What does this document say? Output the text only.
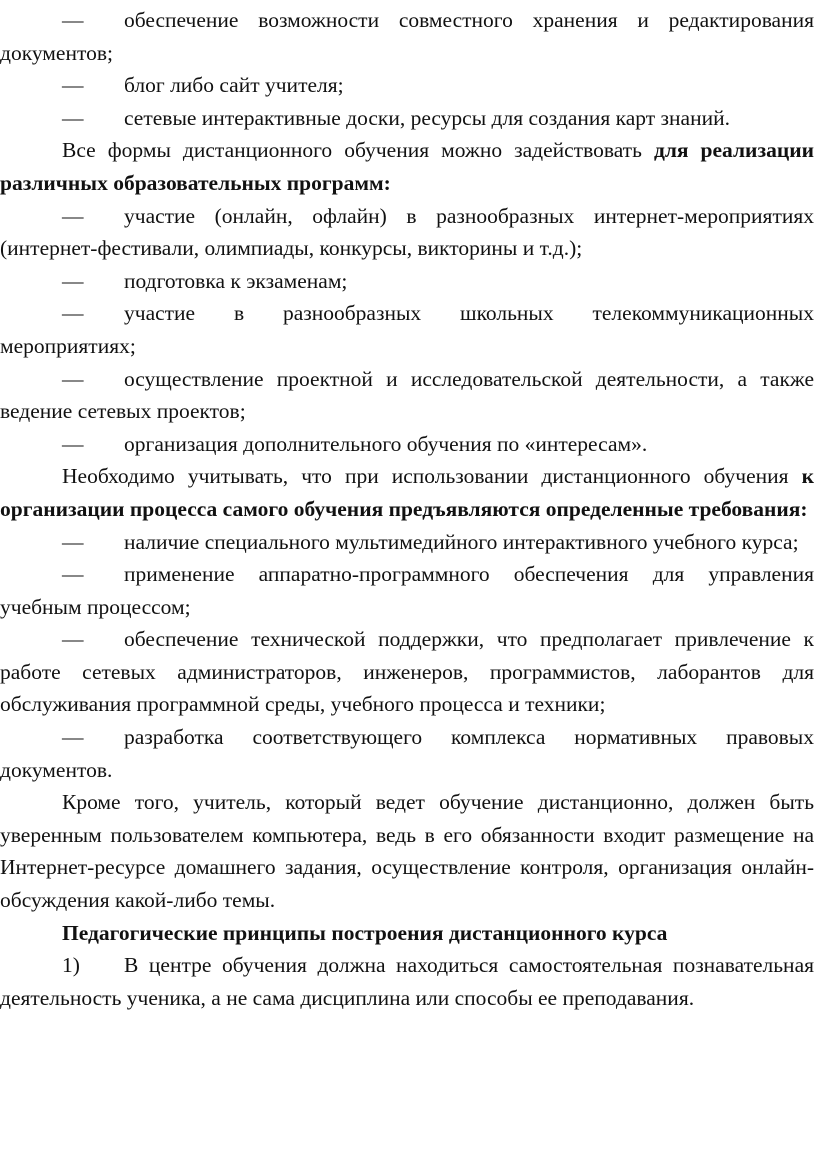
— обеспечение возможности совместного хранения и редактирования документов;

— блог либо сайт учителя;

— сетевые интерактивные доски, ресурсы для создания карт знаний.

Все формы дистанционного обучения можно задействовать для реализации различных образовательных программ:

— участие (онлайн, офлайн) в разнообразных интернет-мероприятиях (интернет-фестивали, олимпиады, конкурсы, викторины и т.д.);

— подготовка к экзаменам;

— участие в разнообразных школьных телекоммуникационных мероприятиях;

— осуществление проектной и исследовательской деятельности, а также ведение сетевых проектов;

— организация дополнительного обучения по «интересам».

Необходимо учитывать, что при использовании дистанционного обучения к организации процесса самого обучения предъявляются определенные требования:

— наличие специального мультимедийного интерактивного учебного курса;

— применение аппаратно-программного обеспечения для управления учебным процессом;

— обеспечение технической поддержки, что предполагает привлечение к работе сетевых администраторов, инженеров, программистов, лаборантов для обслуживания программной среды, учебного процесса и техники;

— разработка соответствующего комплекса нормативных правовых документов.

Кроме того, учитель, который ведет обучение дистанционно, должен быть уверенным пользователем компьютера, ведь в его обязанности входит размещение на Интернет-ресурсе домашнего задания, осуществление контроля, организация онлайн-обсуждения какой-либо темы.

Педагогические принципы построения дистанционного курса

1) В центре обучения должна находиться самостоятельная познавательная деятельность ученика, а не сама дисциплина или способы ее преподавания.
